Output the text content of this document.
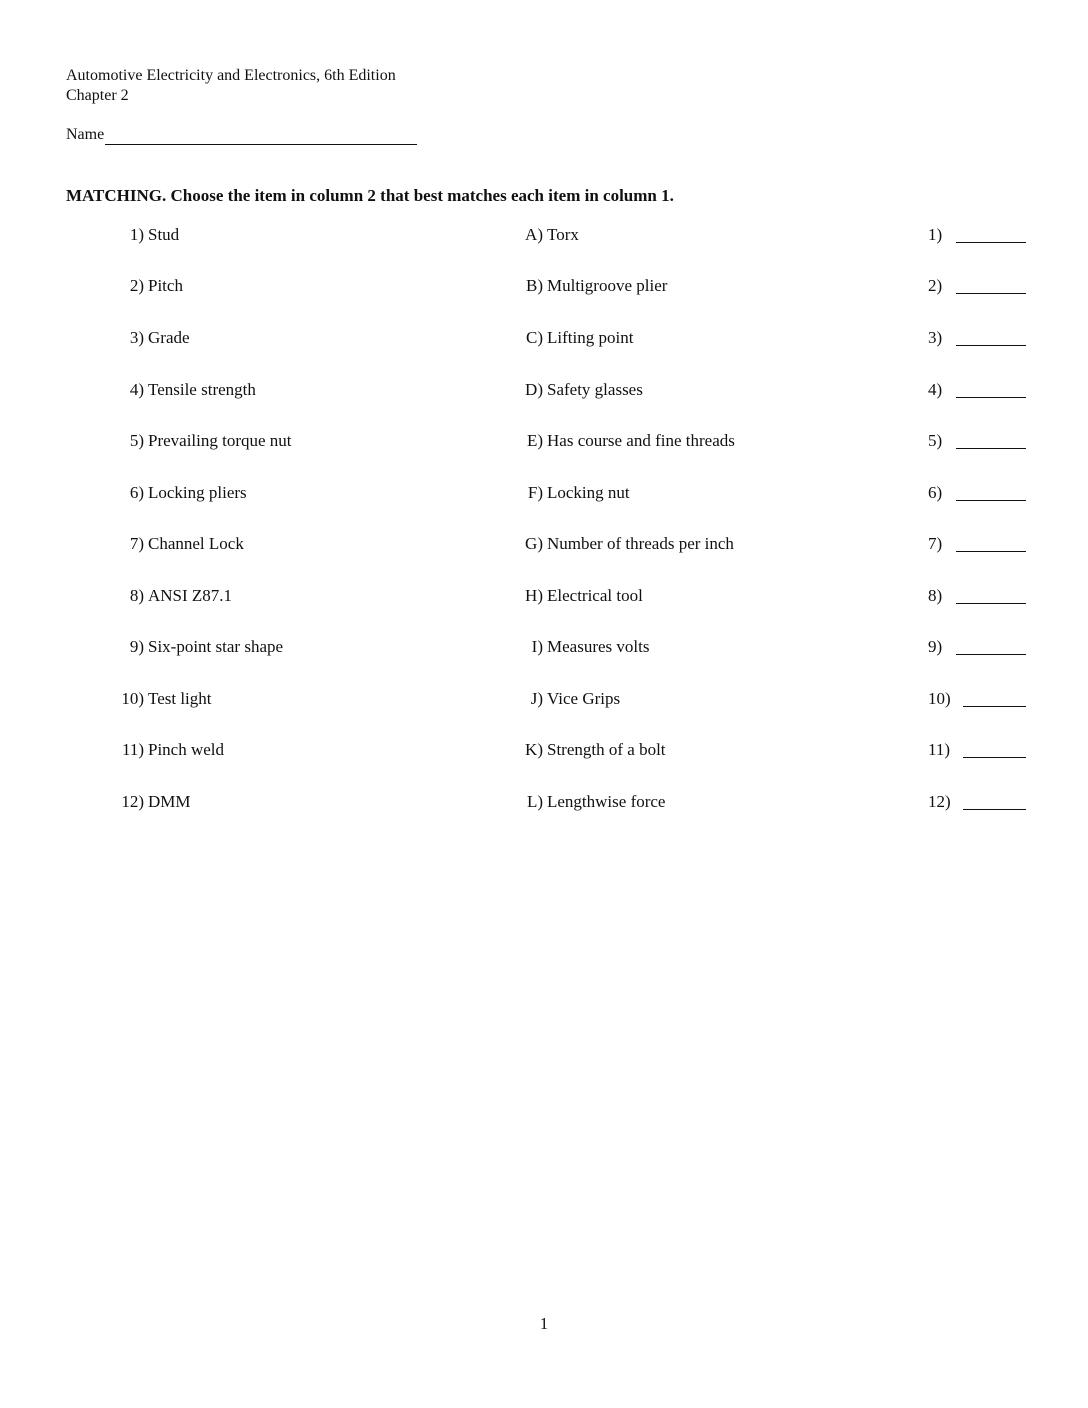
Automotive Electricity and Electronics, 6th Edition
Chapter 2
Name
MATCHING. Choose the item in column 2 that best matches each item in column 1.
1) Stud	A) Torx	1)
2) Pitch	B) Multigroove plier	2)
3) Grade	C) Lifting point	3)
4) Tensile strength	D) Safety glasses	4)
5) Prevailing torque nut	E) Has course and fine threads	5)
6) Locking pliers	F) Locking nut	6)
7) Channel Lock	G) Number of threads per inch	7)
8) ANSI Z87.1	H) Electrical tool	8)
9) Six-point star shape	I) Measures volts	9)
10) Test light	J) Vice Grips	10)
11) Pinch weld	K) Strength of a bolt	11)
12) DMM	L) Lengthwise force	12)
1
